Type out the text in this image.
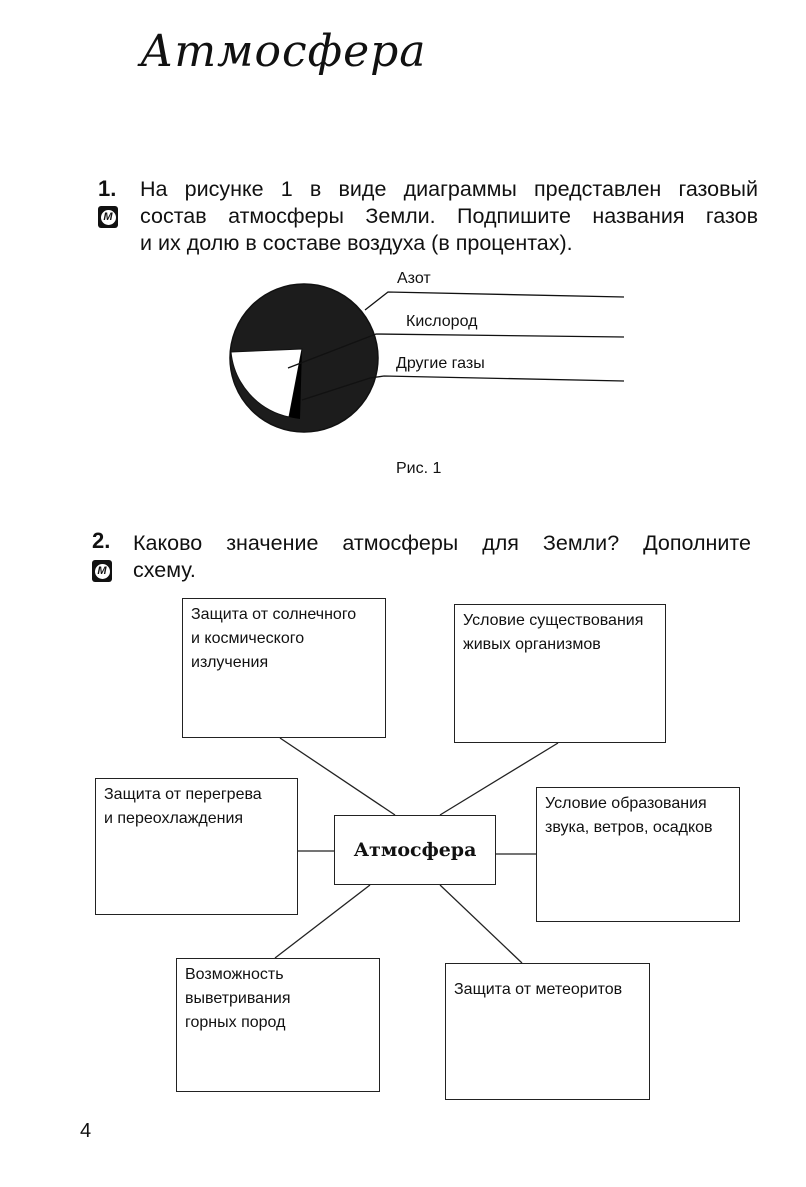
Атмосфера
1.
М
На рисунке 1 в виде диаграммы представлен газовый
состав атмосферы Земли. Подпишите названия газов
и их долю в составе воздуха (в процентах).
Азот
Кислород
Другие газы
Рис. 1
2.
М
Каково значение атмосферы для Земли? Дополните
схему.
Защита от солнечного
и космического
излучения
Условие существования
живых организмов
Защита от перегрева
и переохлаждения
Условие образования
звука, ветров, осадков
Атмосфера
Возможность
выветривания
горных пород
Защита от метеоритов
4
